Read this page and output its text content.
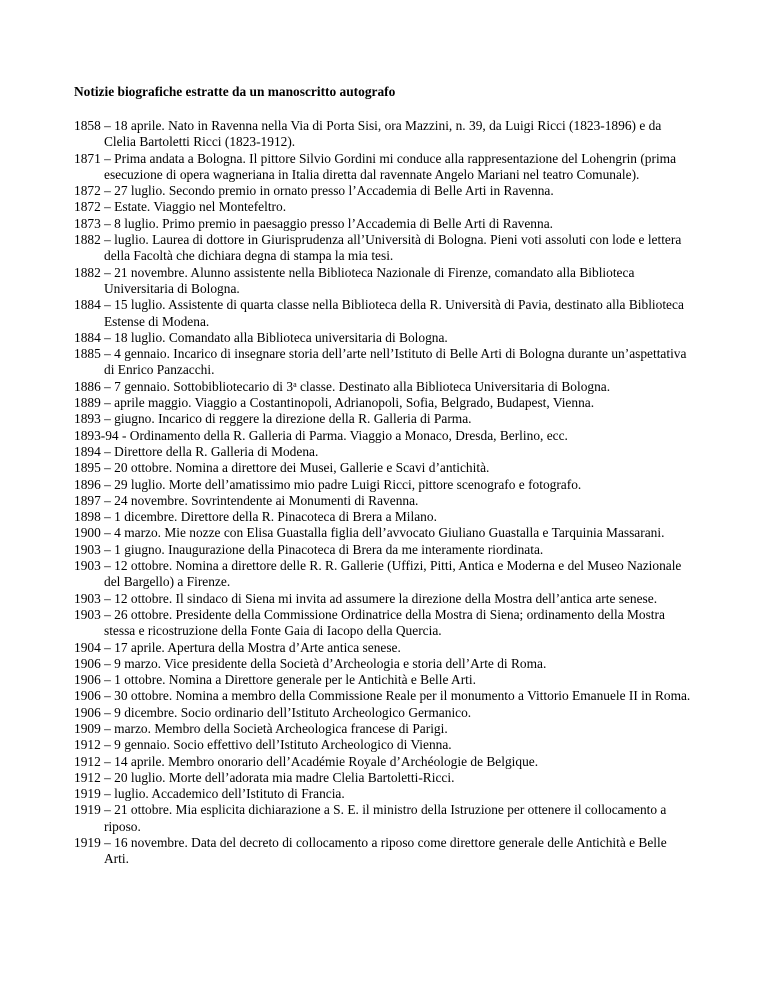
Notizie biografiche estratte da un manoscritto autografo

1858 – 18 aprile. Nato in Ravenna nella Via di Porta Sisi, ora Mazzini, n. 39, da Luigi Ricci (1823-1896) e da Clelia Bartoletti Ricci (1823-1912).

1871 – Prima andata a Bologna. Il pittore Silvio Gordini mi conduce alla rappresentazione del Lohengrin (prima esecuzione di opera wagneriana in Italia diretta dal ravennate Angelo Mariani nel teatro Comunale).

1872 – 27 luglio. Secondo premio in ornato presso l’Accademia di Belle Arti in Ravenna.

1872 – Estate. Viaggio nel Montefeltro.

1873 – 8 luglio. Primo premio in paesaggio presso l’Accademia di Belle Arti di Ravenna.

1882 – luglio. Laurea di dottore in Giurisprudenza all’Università di Bologna. Pieni voti assoluti con lode e lettera della Facoltà che dichiara degna di stampa la mia tesi.

1882 – 21 novembre. Alunno assistente nella Biblioteca Nazionale di Firenze, comandato alla Biblioteca Universitaria di Bologna.

1884 – 15 luglio. Assistente di quarta classe nella Biblioteca della R. Università di Pavia, destinato alla Biblioteca Estense di Modena.

1884 – 18 luglio. Comandato alla Biblioteca universitaria di Bologna.

1885 – 4 gennaio. Incarico di insegnare storia dell’arte nell’Istituto di Belle Arti di Bologna durante un’aspettativa di Enrico Panzacchi.

1886 – 7 gennaio. Sottobibliotecario di 3$^a$ classe. Destinato alla Biblioteca Universitaria di Bologna.

1889 – aprile maggio. Viaggio a Costantinopoli, Adrianopoli, Sofia, Belgrado, Budapest, Vienna.

1893 – giugno. Incarico di reggere la direzione della R. Galleria di Parma.

1893-94 - Ordinamento della R. Galleria di Parma. Viaggio a Monaco, Dresda, Berlino, ecc.

1894 – Direttore della R. Galleria di Modena.

1895 – 20 ottobre. Nomina a direttore dei Musei, Gallerie e Scavi d’antichità.

1896 – 29 luglio. Morte dell’amatissimo mio padre Luigi Ricci, pittore scenografo e fotografo.

1897 – 24 novembre. Sovrintendente ai Monumenti di Ravenna.

1898 – 1 dicembre. Direttore della R. Pinacoteca di Brera a Milano.

1900 – 4 marzo. Mie nozze con Elisa Guastalla figlia dell’avvocato Giuliano Guastalla e Tarquinia Massarani.

1903 – 1 giugno. Inaugurazione della Pinacoteca di Brera da me interamente riordinata.

1903 – 12 ottobre. Nomina a direttore delle R. R. Gallerie (Uffizi, Pitti, Antica e Moderna e del Museo Nazionale del Bargello) a Firenze.

1903 – 12 ottobre. Il sindaco di Siena mi invita ad assumere la direzione della Mostra dell’antica arte senese.

1903 – 26 ottobre. Presidente della Commissione Ordinatrice della Mostra di Siena; ordinamento della Mostra stessa e ricostruzione della Fonte Gaia di Iacopo della Quercia.

1904 – 17 aprile. Apertura della Mostra d’Arte antica senese.

1906 – 9 marzo. Vice presidente della Società d’Archeologia e storia dell’Arte di Roma.

1906 – 1 ottobre. Nomina a Direttore generale per le Antichità e Belle Arti.

1906 – 30 ottobre. Nomina a membro della Commissione Reale per il monumento a Vittorio Emanuele II in Roma.

1906 – 9 dicembre. Socio ordinario dell’Istituto Archeologico Germanico.

1909 – marzo. Membro della Società Archeologica francese di Parigi.

1912 – 9 gennaio. Socio effettivo dell’Istituto Archeologico di Vienna.

1912 – 14 aprile. Membro onorario dell’Académie Royale d’Archéologie de Belgique.

1912 – 20 luglio. Morte dell’adorata mia madre Clelia Bartoletti-Ricci.

1919 – luglio. Accademico dell’Istituto di Francia.

1919 – 21 ottobre. Mia esplicita dichiarazione a S. E. il ministro della Istruzione per ottenere il collocamento a riposo.

1919 – 16 novembre. Data del decreto di collocamento a riposo come direttore generale delle Antichità e Belle Arti.
